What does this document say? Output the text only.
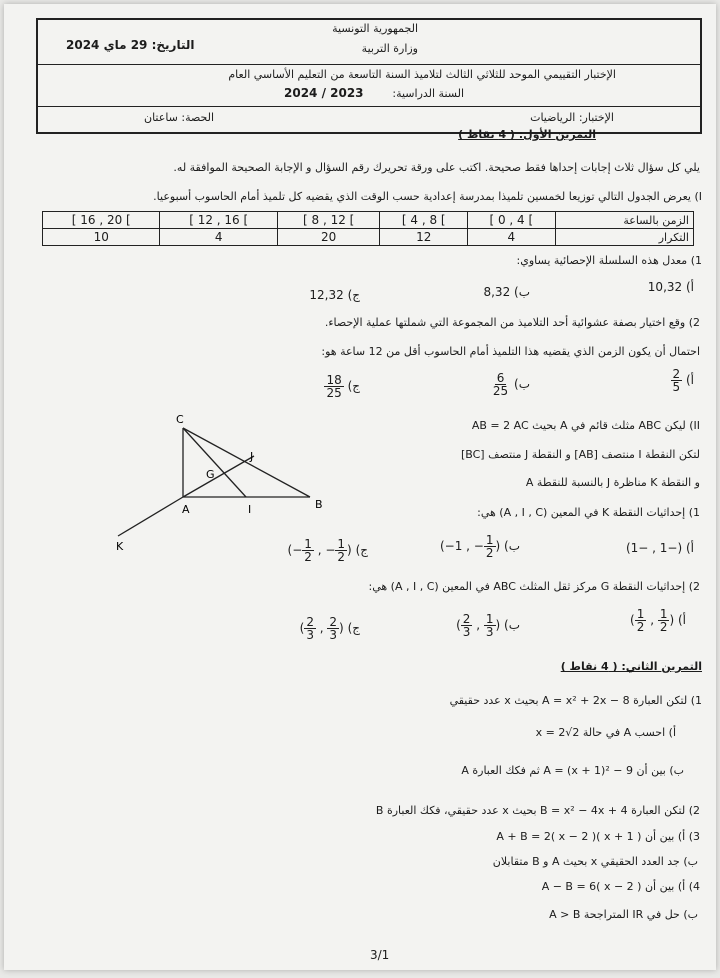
الجمهورية التونسية
وزارة التربية
التاريخ: 29 ماي 2024
الإختبار التقييمي الموحد للثلاثي الثالث لتلاميذ السنة التاسعة من التعليم الأساسي العام
السنة الدراسية:
2024 / 2023
الإختبار: الرياضيات
الحصة: ساعتان
التمرين الأول: ( 4 نقاط )
يلي كل سؤال ثلاث إجابات إحداها فقط صحيحة. اكتب على ورقة تحريرك رقم السؤال و الإجابة الصحيحة الموافقة له.
I) يعرض الجدول التالي توزيعا لخمسين تلميذا بمدرسة إعدادية حسب الوقت الذي يقضيه كل تلميذ أمام الحاسوب أسبوعيا.
[ 16 , 20 [	[ 12 , 16 [	[ 8 , 12 [	[ 4 , 8 [	[ 0 , 4 [	الزمن بالساعة
10	4	20	12	4	التكرار
1) معدل هذه السلسلة الإحصائية يساوي:
أ) 10,32
ب) 8,32
ج) 12,32
2) وقع اختيار بصفة عشوائية أحد التلاميذ من المجموعة التي شملتها عملية الإحصاء.
احتمال أن يكون الزمن الذي يقضيه هذا التلميذ أمام الحاسوب أقل من 12 ساعة هو:
أ)
$\frac{2}{5}$
ب)
$\frac{6}{25}$
ج)
$\frac{18}{25}$
II) ليكن ABC مثلث قائم في A بحيث AB = 2 AC
لتكن النقطة I منتصف [AB] و النقطة J منتصف [BC]
و النقطة K مناظرة J بالنسبة للنقطة A
C
J
G
A	I	B
K
1) إحداثيات النقطة K في المعين (A , I , C) هي:
أ) (−1 , −1)
ب) (−1 , − $\frac{1}{2}$ )
ج) (− $\frac{1}{2}$ , − $\frac{1}{2}$ )
2) إحداثيات النقطة G مركز ثقل المثلث ABC في المعين (A , I , C) هي:
أ) ( $\frac{1}{2}$ , $\frac{1}{2}$ )
ب) ( $\frac{2}{3}$ , $\frac{1}{3}$ )
ج) ( $\frac{2}{3}$ , $\frac{2}{3}$ )
التمرين الثاني: ( 4 نقاط )
1) لتكن العبارة A = x² + 2x − 8 بحيث x عدد حقيقي
أ) احسب A في حالة x = 2√2
ب) بين أن A = (x + 1)² − 9 ثم فكك العبارة A
2) لتكن العبارة B = x² − 4x + 4 بحيث x عدد حقيقي، فكك العبارة B
3) أ) بين أن A + B = 2( x − 2 )( x + 1 )
ب) جد العدد الحقيقي x بحيث A و B متقابلان
4) أ) بين أن A − B = 6( x − 2 )
ب) حل في IR المتراجحة A > B
3/1
